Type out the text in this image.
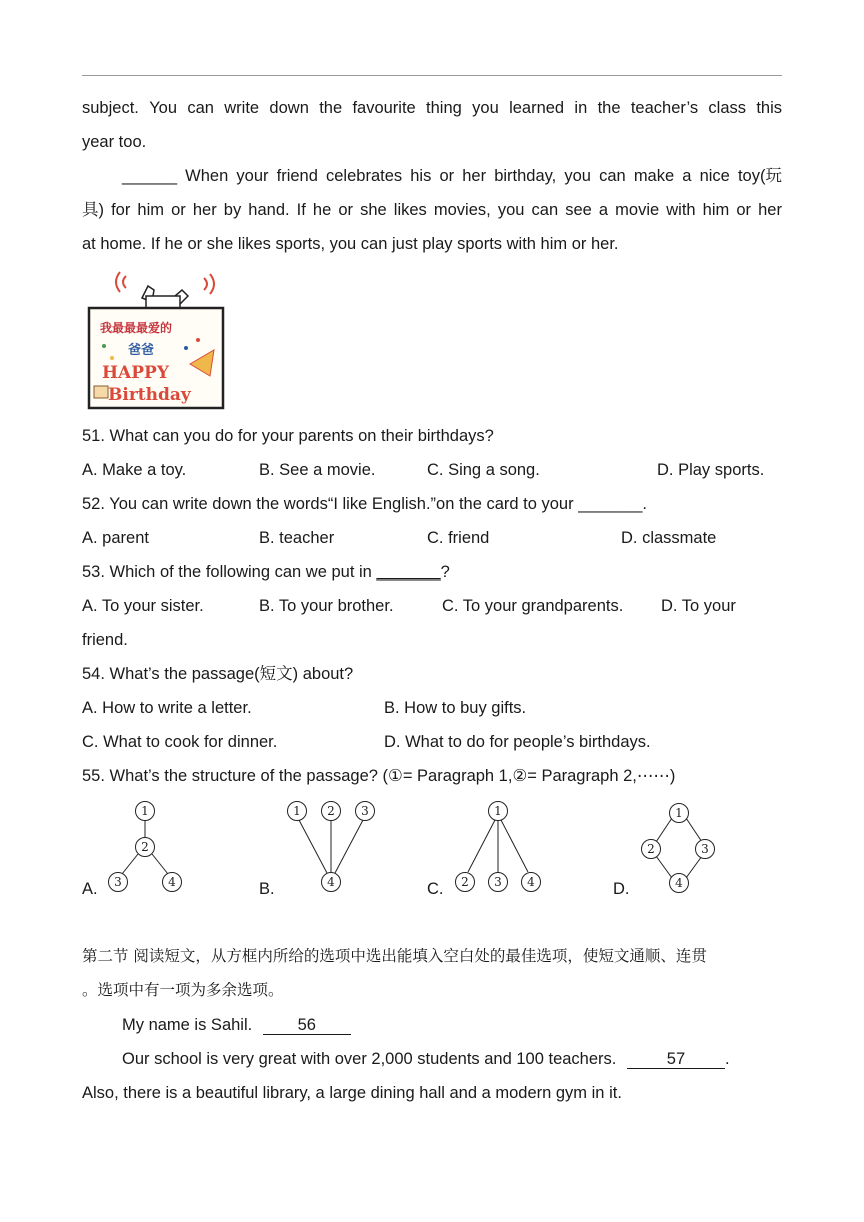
subject. You can write down the favourite thing you learned in the teacher’s class this
year too.
______ When your friend celebrates his or her birthday, you can make a nice toy(玩
具) for him or her by hand. If he or she likes movies, you can see a movie with him or her
at home. If he or she likes sports, you can just play sports with him or her.
我最最最爱的
爸爸
HAPPY
Birthday
51. What can you do for your parents on their birthdays?
A. Make a toy.	B. See a movie.	C. Sing a song.	D. Play sports.
52. You can write down the words“I like English.”on the card to your _______.
A. parent	B. teacher	C. friend	D. classmate
53. Which of the following can we put in _______?
A. To your sister.	B. To your brother.	C. To your grandparents. D. To your
friend.
54. What’s the passage(短文) about?
A. How to write a letter.	B. How to buy gifts.
C. What to cook for dinner.	D. What to do for people’s birthdays.
55. What’s the structure of the passage? (①= Paragraph 1,②= Paragraph 2,⋯⋯)
A.	B.	C.	D.
1
2
3	4
1 2 3
4
1
2 3 4
1
2	3
4
第二节 阅读短文，从方框内所给的选项中选出能填入空白处的最佳选项，使短文通顺、连贯
。选项中有一项为多余选项。
My name is Sahil.	56
Our school is very great with over 2,000 students and 100 teachers.	57 .
Also, there is a beautiful library, a large dining hall and a modern gym in it.
